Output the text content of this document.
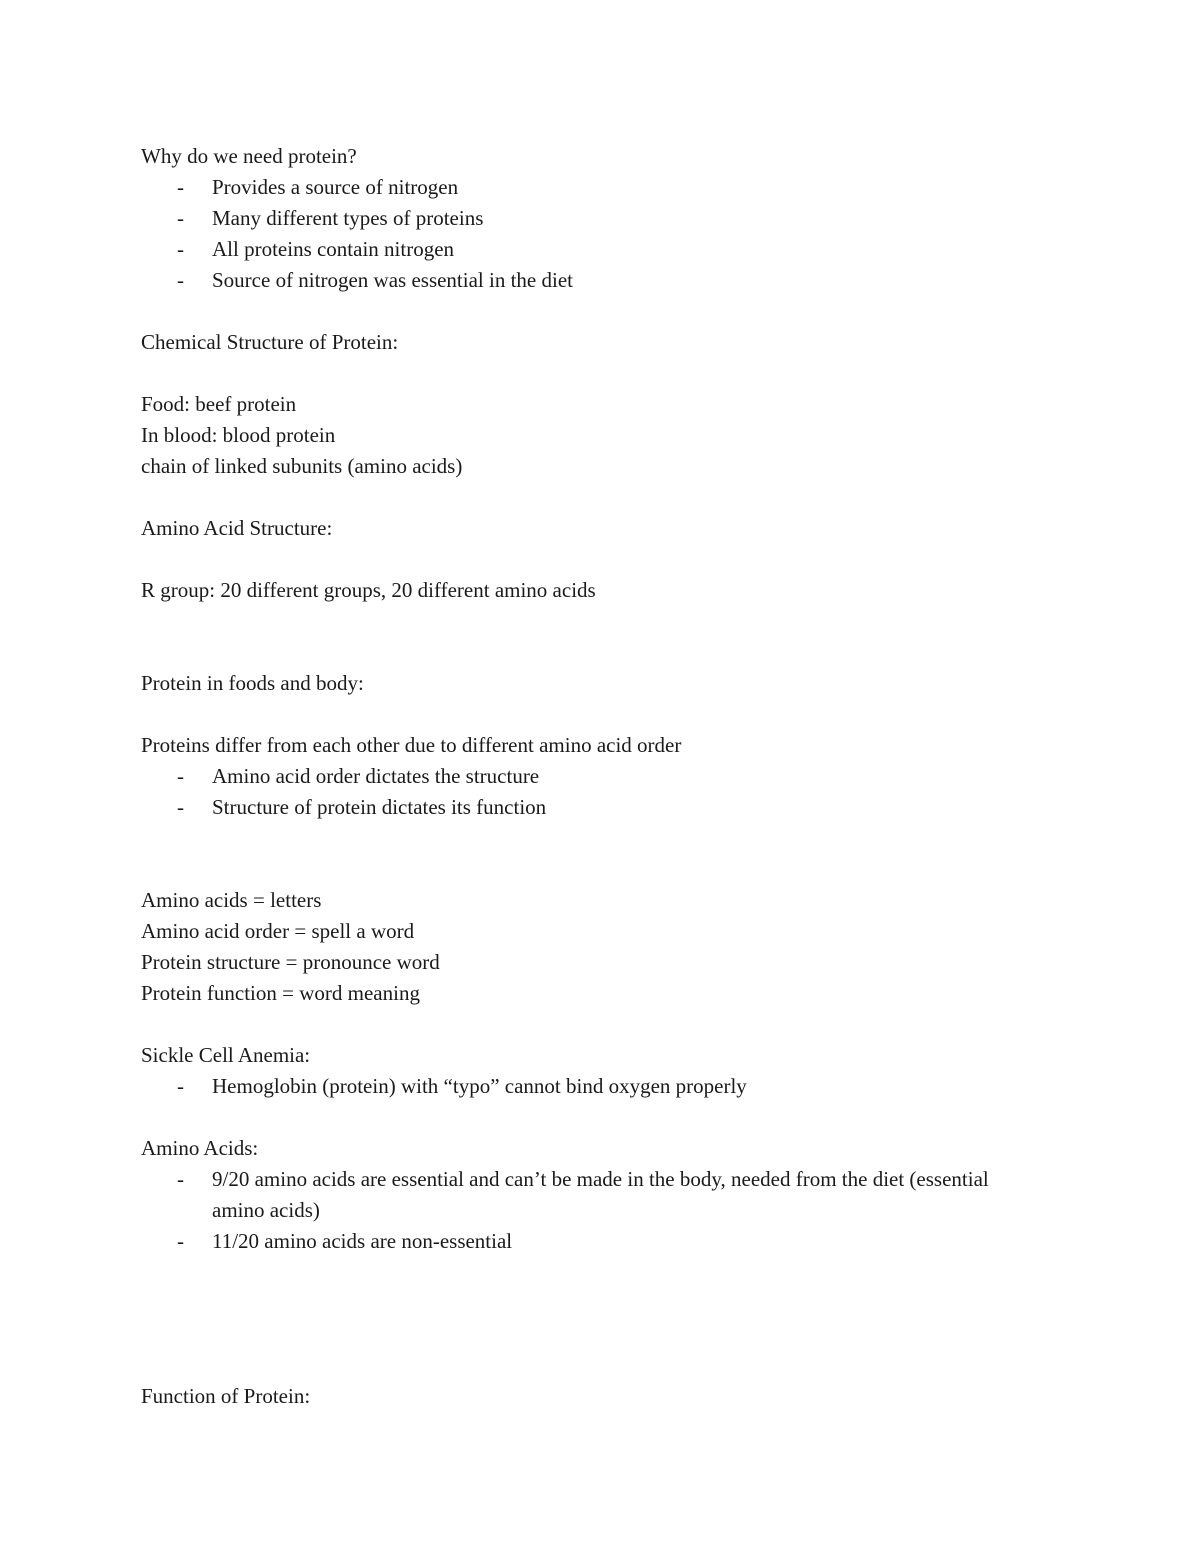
Why do we need protein?
- Provides a source of nitrogen
- Many different types of proteins
- All proteins contain nitrogen
- Source of nitrogen was essential in the diet
Chemical Structure of Protein:
Food: beef protein
In blood: blood protein
chain of linked subunits (amino acids)
Amino Acid Structure:
R group: 20 different groups, 20 different amino acids
Protein in foods and body:
Proteins differ from each other due to different amino acid order
- Amino acid order dictates the structure
- Structure of protein dictates its function
Amino acids = letters
Amino acid order = spell a word
Protein structure = pronounce word
Protein function = word meaning
Sickle Cell Anemia:
- Hemoglobin (protein) with “typo” cannot bind oxygen properly
Amino Acids:
- 9/20 amino acids are essential and can’t be made in the body, needed from the diet (essential amino acids)
- 11/20 amino acids are non-essential
Function of Protein:
